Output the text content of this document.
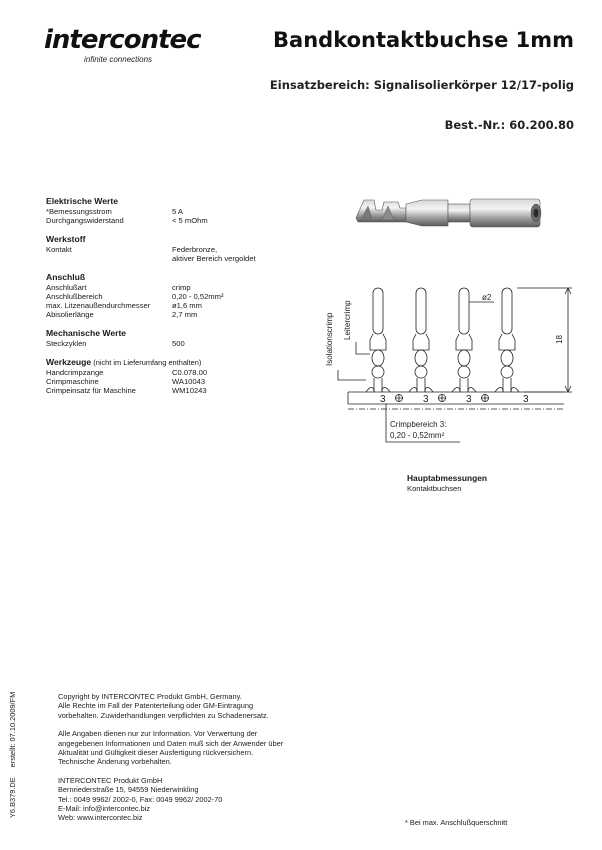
intercontec
infinite connections
Bandkontaktbuchse 1mm
Einsatzbereich: Signalisolierkörper 12/17-polig
Best.-Nr.: 60.200.80
Elektrische Werte
*Bemessungsstrom	5 A
Durchgangswiderstand	< 5 mOhm
Werkstoff
Kontakt	Federbronze,
aktiver Bereich vergoldet
Anschluß
Anschlußart	crimp
Anschlußbereich	0,20 - 0,52mm²
max. Litzenaußendurchmesser	ø1,6 mm
Abisolierlänge	2,7 mm
Mechanische Werte
Steckzyklen	500
Werkzeuge (nicht im Lieferumfang enthalten)
Handcrimpzange	C0.078.00
Crimpmaschine	WA10043
Crimpeinsatz für Maschine	WM10243
Isolationscrimp Leitercrimp
ø2
18
3	3	3	3
Crimpbereich 3:
0,20 - 0,52mm²
Hauptabmessungen
Kontaktbuchsen
Y6.B379.DEerstellt: 07.10.2009/FM	Copyright by INTERCONTEC Produkt GmbH, Germany.
Alle Rechte im Fall der Patenterteilung oder GM-Eintragung
vorbehalten. Zuwiderhandlungen verpflichten zu Schadenersatz.

Alle Angaben dienen nur zur Information. Vor Verwertung der
angegebenen Informationen und Daten muß sich der Anwender über
Aktualität und Gültigkeit dieser Ausfertigung rückversichern.
Technische Änderung vorbehalten.

INTERCONTEC Produkt GmbH
Bernriederstraße 15, 94559 Niederwinkling
Tel.: 0049 9962/ 2002-0, Fax: 0049 9962/ 2002-70
E-Mail: info@intercontec.biz
Web: www.intercontec.biz

* Bei max. Anschlußquerschnitt
